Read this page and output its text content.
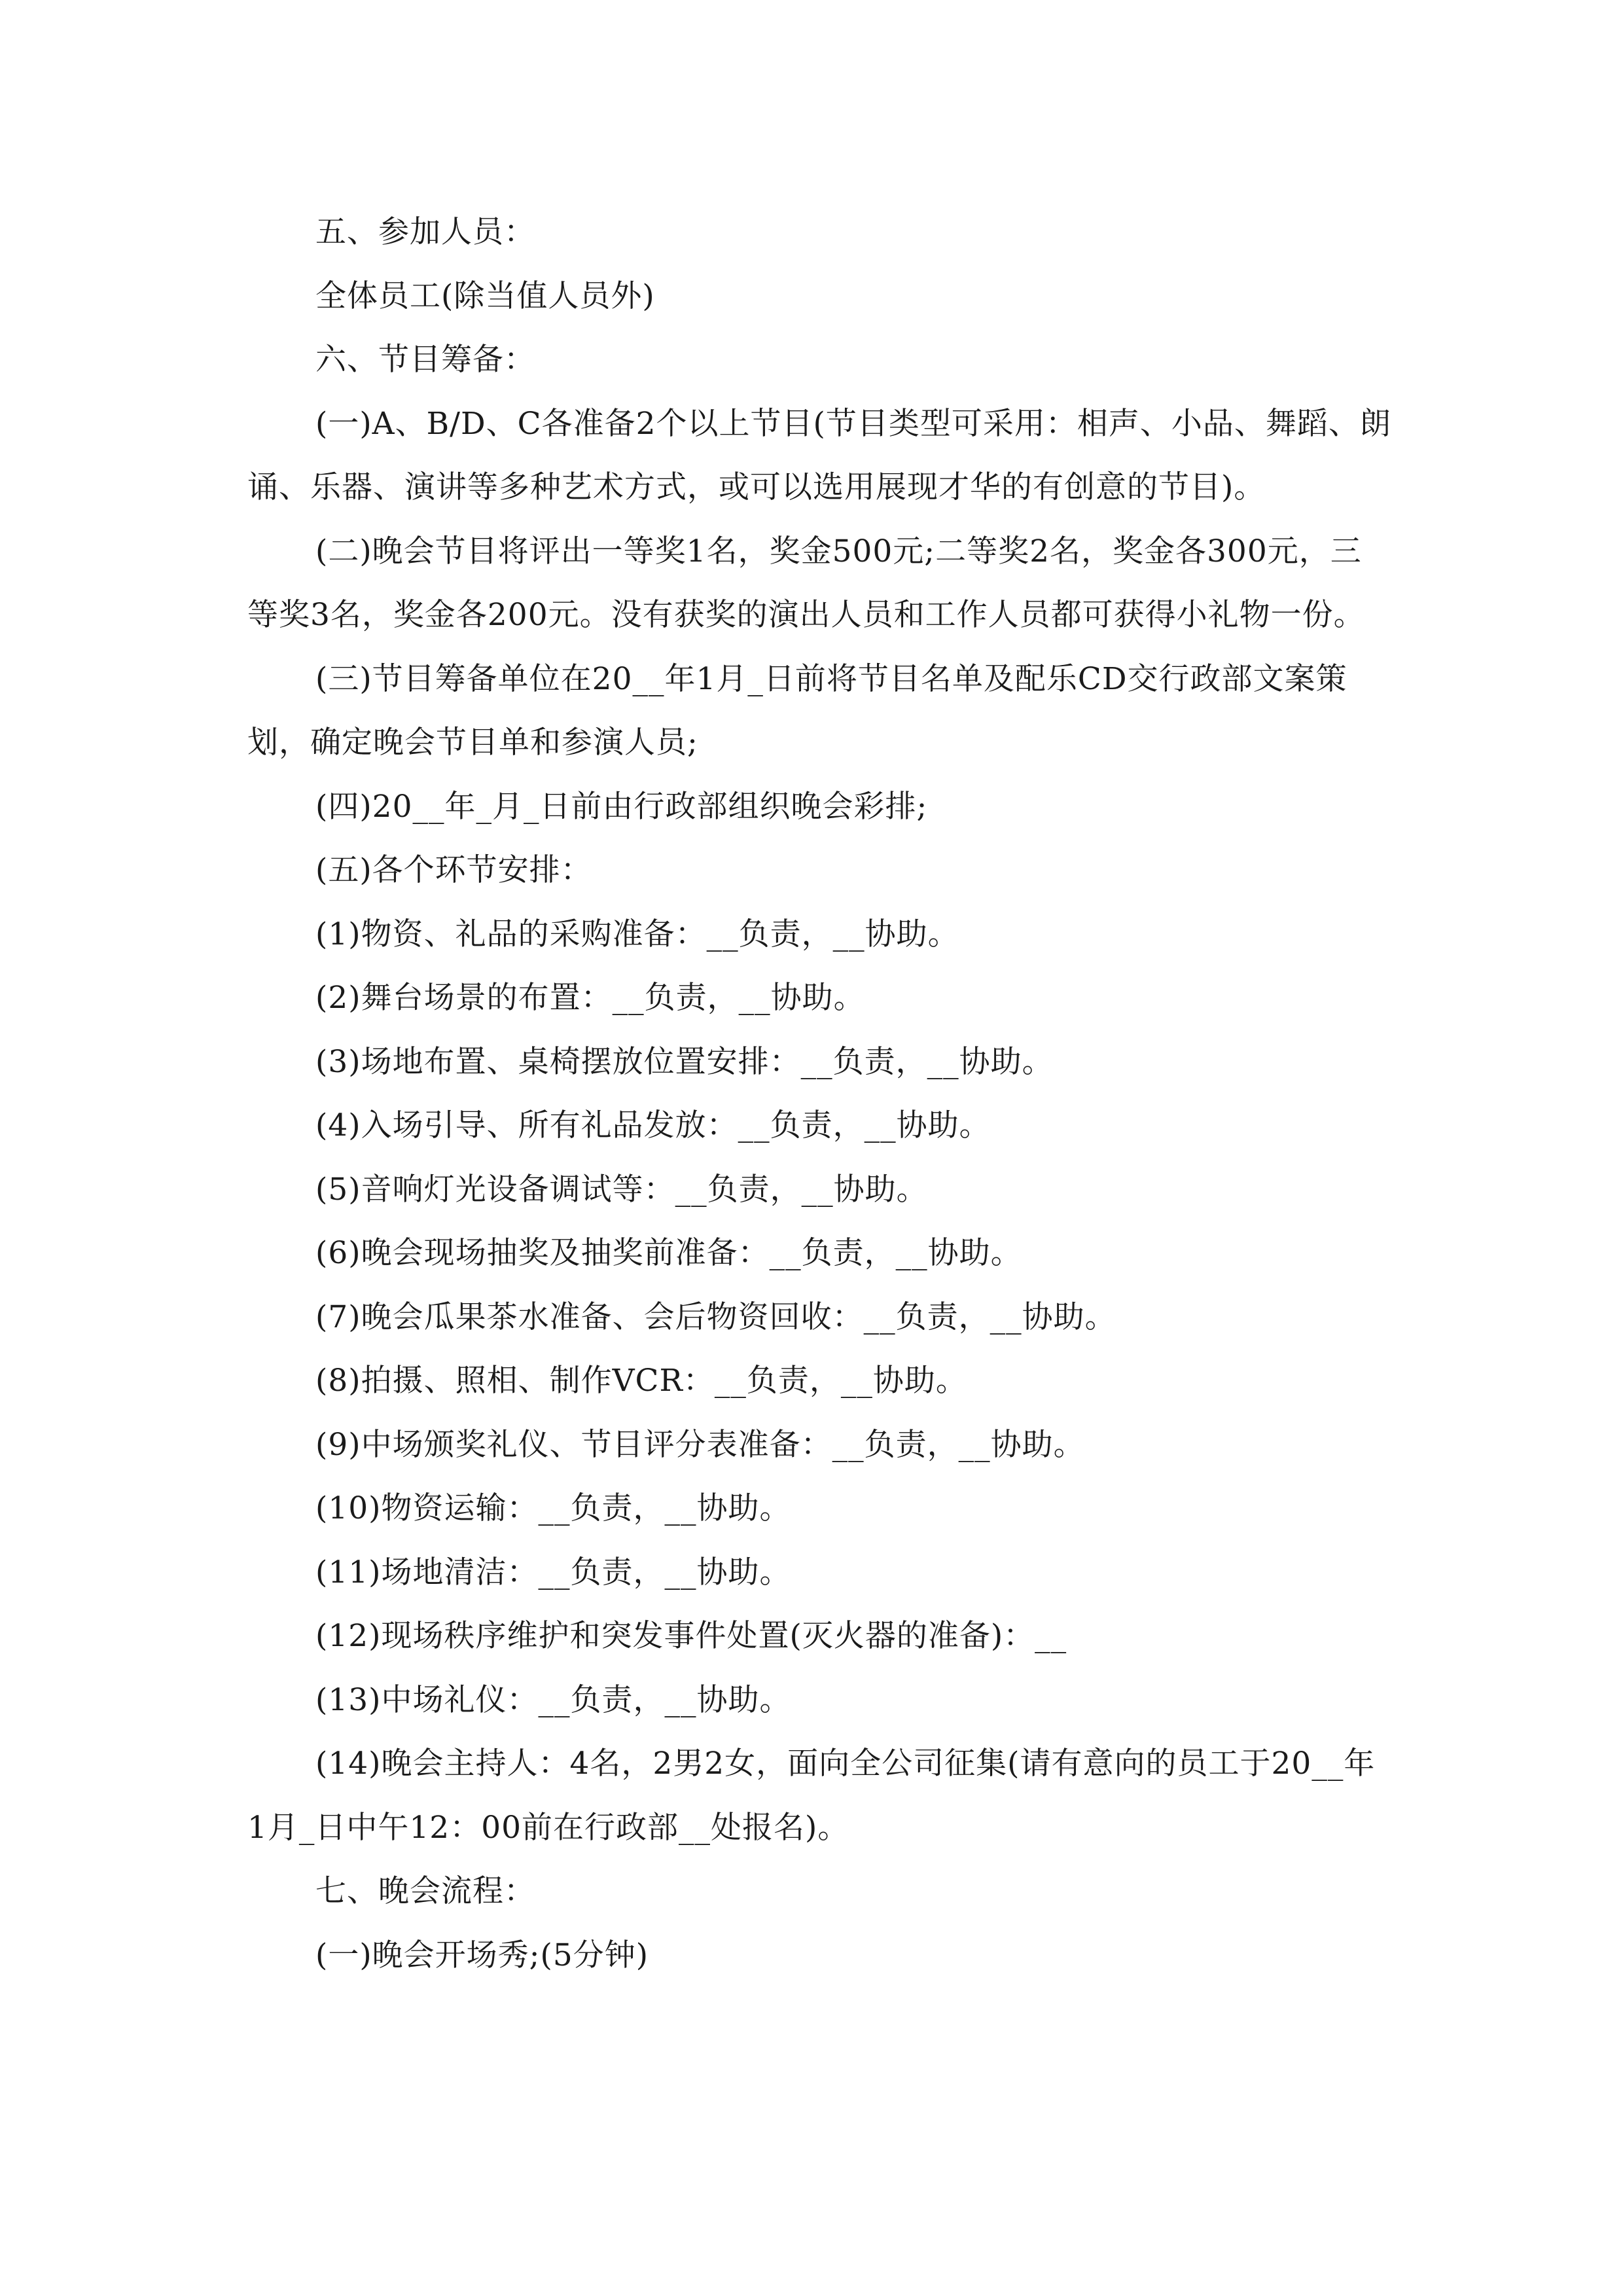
五、参加人员：

全体员工(除当值人员外)

六、节目筹备：

(一)A、B/D、C各准备2个以上节目(节目类型可采用：相声、小品、舞蹈、朗诵、乐器、演讲等多种艺术方式，或可以选用展现才华的有创意的节目)。

(二)晚会节目将评出一等奖1名，奖金500元;二等奖2名，奖金各300元，三等奖3名，奖金各200元。没有获奖的演出人员和工作人员都可获得小礼物一份。

(三)节目筹备单位在20__年1月_日前将节目名单及配乐CD交行政部文案策划，确定晚会节目单和参演人员;

(四)20__年_月_日前由行政部组织晚会彩排;

(五)各个环节安排：

(1)物资、礼品的采购准备：__负责，__协助。

(2)舞台场景的布置：__负责，__协助。

(3)场地布置、桌椅摆放位置安排：__负责，__协助。

(4)入场引导、所有礼品发放：__负责，__协助。

(5)音响灯光设备调试等：__负责，__协助。

(6)晚会现场抽奖及抽奖前准备：__负责，__协助。

(7)晚会瓜果茶水准备、会后物资回收：__负责，__协助。

(8)拍摄、照相、制作VCR：__负责，__协助。

(9)中场颁奖礼仪、节目评分表准备：__负责，__协助。

(10)物资运输：__负责，__协助。

(11)场地清洁：__负责，__协助。

(12)现场秩序维护和突发事件处置(灭火器的准备)：__

(13)中场礼仪：__负责，__协助。

(14)晚会主持人：4名，2男2女，面向全公司征集(请有意向的员工于20__年1月_日中午12：00前在行政部__处报名)。

七、晚会流程：

(一)晚会开场秀;(5分钟)
